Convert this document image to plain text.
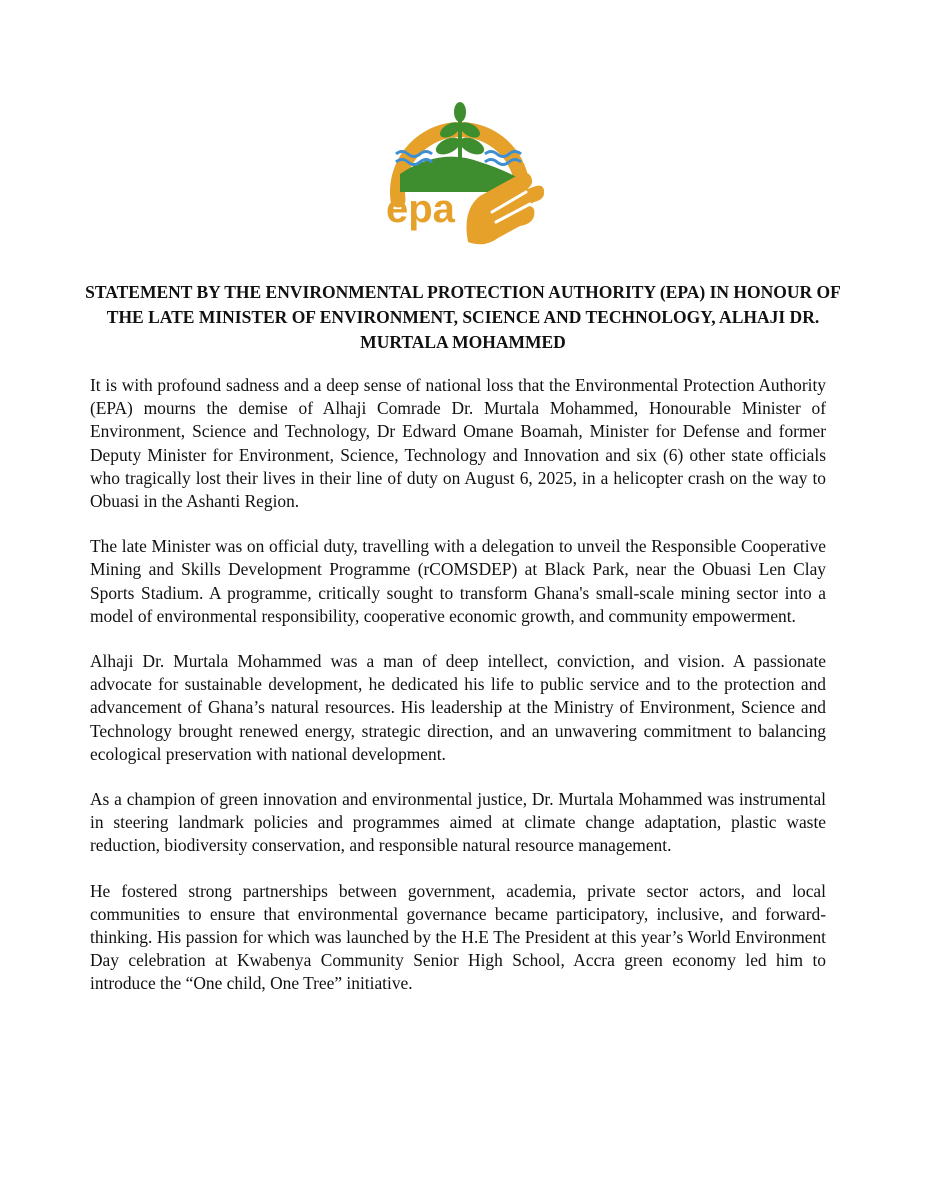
epa
STATEMENT BY THE ENVIRONMENTAL PROTECTION AUTHORITY (EPA) IN HONOUR OF THE LATE MINISTER OF ENVIRONMENT, SCIENCE AND TECHNOLOGY, ALHAJI DR. MURTALA MOHAMMED

It is with profound sadness and a deep sense of national loss that the Environmental Protection Authority (EPA) mourns the demise of Alhaji Comrade Dr. Murtala Mohammed, Honourable Minister of Environment, Science and Technology, Dr Edward Omane Boamah, Minister for Defense and former Deputy Minister for Environment, Science, Technology and Innovation and six (6) other state officials who tragically lost their lives in their line of duty on August 6, 2025, in a helicopter crash on the way to Obuasi in the Ashanti Region.

The late Minister was on official duty, travelling with a delegation to unveil the Responsible Cooperative Mining and Skills Development Programme (rCOMSDEP) at Black Park, near the Obuasi Len Clay Sports Stadium. A programme, critically sought to transform Ghana's small-scale mining sector into a model of environmental responsibility, cooperative economic growth, and community empowerment.

Alhaji Dr. Murtala Mohammed was a man of deep intellect, conviction, and vision. A passionate advocate for sustainable development, he dedicated his life to public service and to the protection and advancement of Ghana’s natural resources. His leadership at the Ministry of Environment, Science and Technology brought renewed energy, strategic direction, and an unwavering commitment to balancing ecological preservation with national development.

As a champion of green innovation and environmental justice, Dr. Murtala Mohammed was instrumental in steering landmark policies and programmes aimed at climate change adaptation, plastic waste reduction, biodiversity conservation, and responsible natural resource management.

He fostered strong partnerships between government, academia, private sector actors, and local communities to ensure that environmental governance became participatory, inclusive, and forward-thinking. His passion for which was launched by the H.E The President at this year’s World Environment Day celebration at Kwabenya Community Senior High School, Accra green economy led him to introduce the “One child, One Tree” initiative.
